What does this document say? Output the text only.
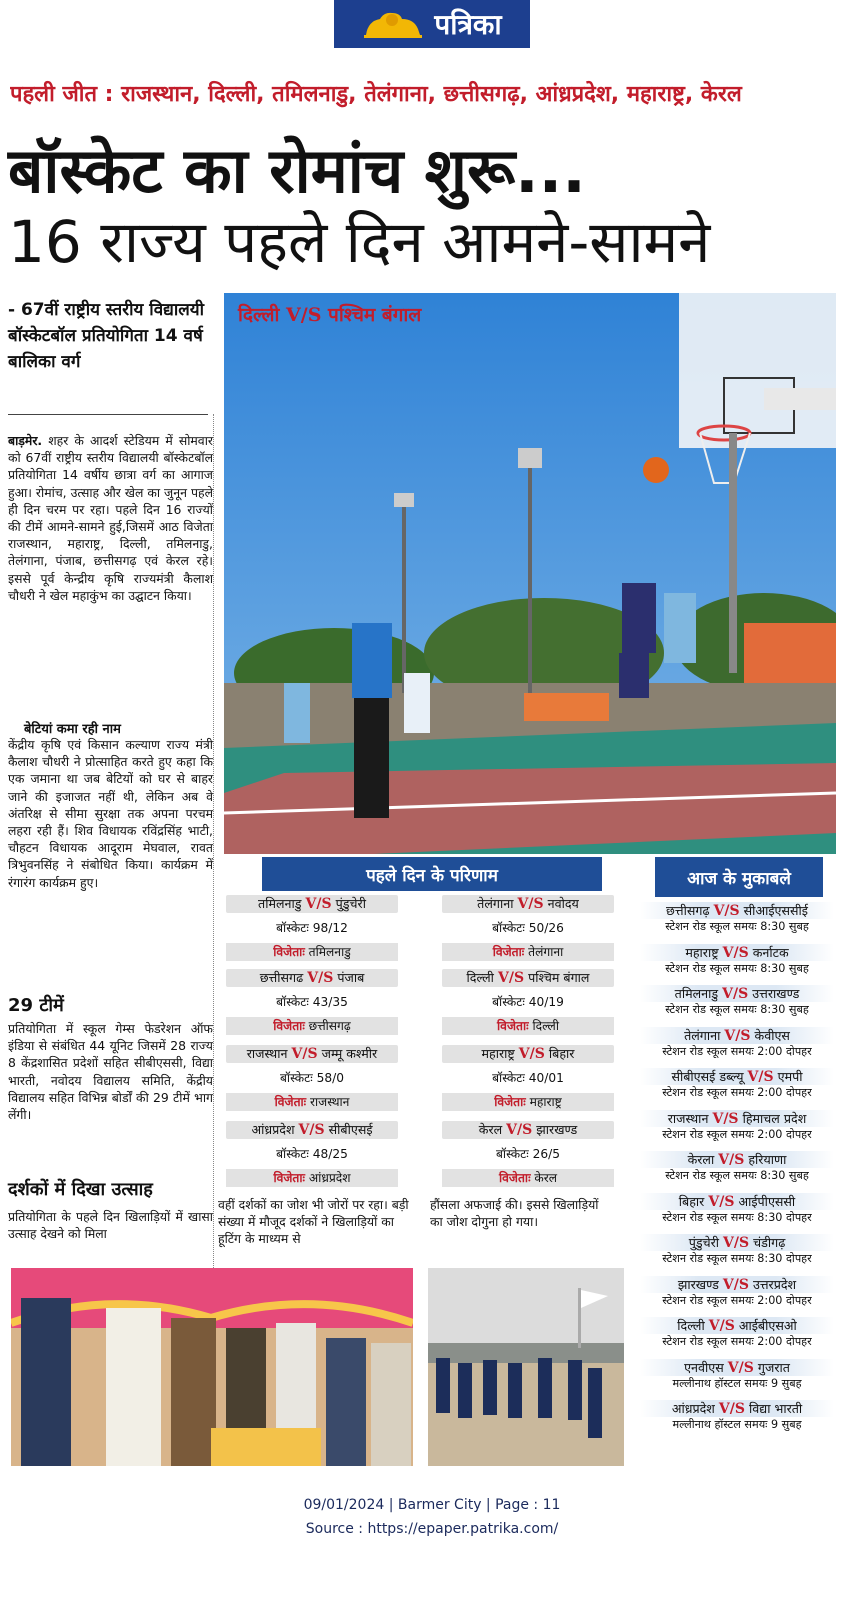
पत्रिका
पहली जीत : राजस्थान, दिल्ली, तमिलनाडु, तेलंगाना, छत्तीसगढ़, आंध्रप्रदेश, महाराष्ट्र, केरल
बॉस्केट का रोमांच शुरू...
16 राज्य पहले दिन आमने-सामने
- 67वीं राष्ट्रीय स्तरीय विद्यालयी बॉस्केटबॉल प्रतियोगिता 14 वर्ष बालिका वर्ग
बाड़मेर. शहर के आदर्श स्टेडियम में सोमवार को 67वीं राष्ट्रीय स्तरीय विद्यालयी बॉस्केटबॉल प्रतियोगिता 14 वर्षीय छात्रा वर्ग का आगाज हुआ। रोमांच, उत्साह और खेल का जुनून पहले ही दिन चरम पर रहा। पहले दिन 16 राज्यों की टीमें आमने-सामने हुई,जिसमें आठ विजेता राजस्थान, महाराष्ट्र, दिल्ली, तमिलनाडु, तेलंगाना, पंजाब, छत्तीसगढ़ एवं केरल रहे। इससे पूर्व केन्द्रीय कृषि राज्यमंत्री कैलाश चौधरी ने खेल महाकुंभ का उद्घाटन किया।
बेटियां कमा रही नाम
केंद्रीय कृषि एवं किसान कल्याण राज्य मंत्री कैलाश चौधरी ने प्रोत्साहित करते हुए कहा कि एक जमाना था जब बेटियों को घर से बाहर जाने की इजाजत नहीं थी, लेकिन अब वे अंतरिक्ष से सीमा सुरक्षा तक अपना परचम लहरा रही हैं। शिव विधायक रविंद्रसिंह भाटी, चौहटन विधायक आदूराम मेघवाल, रावत त्रिभुवनसिंह ने संबोधित किया। कार्यक्रम में रंगारंग कार्यक्रम हुए।
29 टीमें
प्रतियोगिता में स्कूल गेम्स फेडरेशन ऑफ इंडिया से संबंधित 44 यूनिट जिसमें 28 राज्य 8 केंद्रशासित प्रदेशों सहित सीबीएससी, विद्या भारती, नवोदय विद्यालय समिति, केंद्रीय विद्यालय सहित विभिन्न बोर्डों की 29 टीमें भाग लेंगी।
दर्शकों में दिखा उत्साह
प्रतियोगिता के पहले दिन खिलाड़ियों में खासा उत्साह देखने को मिला
दिल्ली V/S पश्चिम बंगाल
पहले दिन के परिणाम
तमिलनाडु V/S पुंडुचेरी
बॉस्केटः 98/12
विजेताः तमिलनाडु
छत्तीसगढ V/S पंजाब
बॉस्केटः 43/35
विजेताः छत्तीसगढ़
राजस्थान V/S जम्मू कश्मीर
बॉस्केटः 58/0
विजेताः राजस्थान
आंध्रप्रदेश V/S सीबीएसई
बॉस्केटः 48/25
विजेताः आंध्रप्रदेश
तेलंगाना V/S नवोदय
बॉस्केटः 50/26
विजेताः तेलंगाना
दिल्ली V/S पश्चिम बंगाल
बॉस्केटः 40/19
विजेताः दिल्ली
महाराष्ट्र V/S बिहार
बॉस्केटः 40/01
विजेताः महाराष्ट्र
केरल V/S झारखण्ड
बॉस्केटः 26/5
विजेताः केरल
वहीं दर्शकों का जोश भी जोरों पर रहा। बड़ी संख्या में मौजूद दर्शकों ने खिलाड़ियों का हूटिंग के माध्यम से
हौंसला अफजाई की। इससे खिलाड़ियों का जोश दोगुना हो गया।
आज के मुकाबले
छत्तीसगढ़ V/S सीआईएससीई
स्टेशन रोड स्कूल समयः 8:30 सुबह
महाराष्ट्र V/S कर्नाटक
स्टेशन रोड स्कूल समयः 8:30 सुबह
तमिलनाडु V/S उत्तराखण्ड
स्टेशन रोड स्कूल समयः 8:30 सुबह
तेलंगाना V/S केवीएस
स्टेशन रोड स्कूल समयः 2:00 दोपहर
सीबीएसई डब्ल्यू V/S एमपी
स्टेशन रोड स्कूल समयः 2:00 दोपहर
राजस्थान V/S हिमाचल प्रदेश
स्टेशन रोड स्कूल समयः 2:00 दोपहर
केरला V/S हरियाणा
स्टेशन रोड स्कूल समयः 8:30 सुबह
बिहार V/S आईपीएससी
स्टेशन रोड स्कूल समयः 8:30 दोपहर
पुंडुचेरी V/S चंडीगढ़
स्टेशन रोड स्कूल समयः 8:30 दोपहर
झारखण्ड V/S उत्तरप्रदेश
स्टेशन रोड स्कूल समयः 2:00 दोपहर
दिल्ली V/S आईबीएसओ
स्टेशन रोड स्कूल समयः 2:00 दोपहर
एनवीएस V/S गुजरात
मल्लीनाथ हॉस्टल समयः 9 सुबह
आंध्रप्रदेश V/S विद्या भारती
मल्लीनाथ हॉस्टल समयः 9 सुबह
09/01/2024 | Barmer City | Page : 11
Source : https://epaper.patrika.com/
